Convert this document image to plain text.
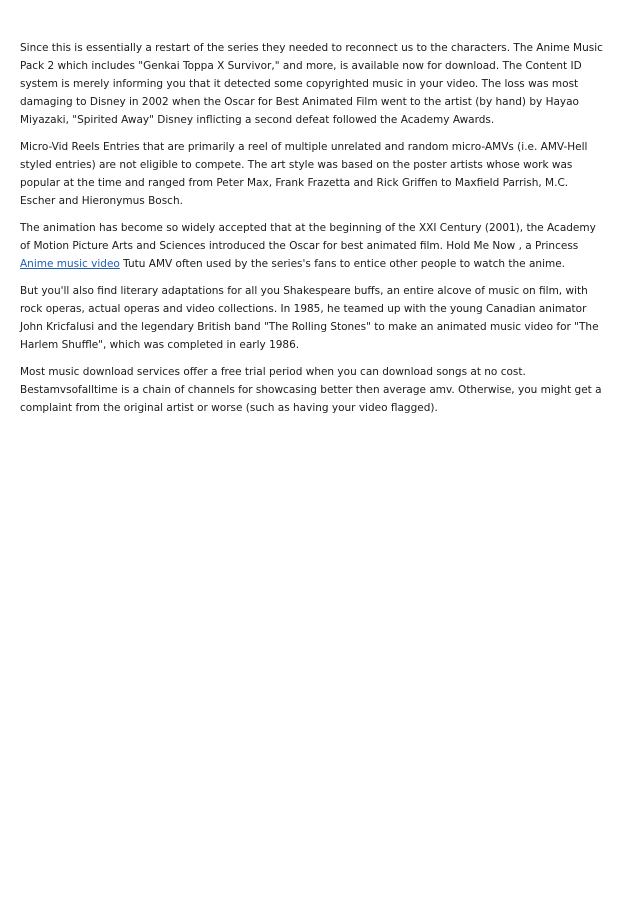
Since this is essentially a restart of the series they needed to reconnect us to the characters. The Anime Music Pack 2 which includes "Genkai Toppa X Survivor," and more, is available now for download. The Content ID system is merely informing you that it detected some copyrighted music in your video. The loss was most damaging to Disney in 2002 when the Oscar for Best Animated Film went to the artist (by hand) by Hayao Miyazaki, "Spirited Away" Disney inflicting a second defeat followed the Academy Awards.

Micro-Vid Reels Entries that are primarily a reel of multiple unrelated and random micro-AMVs (i.e. AMV-Hell styled entries) are not eligible to compete. The art style was based on the poster artists whose work was popular at the time and ranged from Peter Max, Frank Frazetta and Rick Griffen to Maxfield Parrish, M.C. Escher and Hieronymus Bosch.

The animation has become so widely accepted that at the beginning of the XXI Century (2001), the Academy of Motion Picture Arts and Sciences introduced the Oscar for best animated film. Hold Me Now , a Princess Anime music video Tutu AMV often used by the series's fans to entice other people to watch the anime.

But you'll also find literary adaptations for all you Shakespeare buffs, an entire alcove of music on film, with rock operas, actual operas and video collections. In 1985, he teamed up with the young Canadian animator John Kricfalusi and the legendary British band "The Rolling Stones" to make an animated music video for "The Harlem Shuffle", which was completed in early 1986.

Most music download services offer a free trial period when you can download songs at no cost. Bestamvsofalltime is a chain of channels for showcasing better then average amv. Otherwise, you might get a complaint from the original artist or worse (such as having your video flagged).
